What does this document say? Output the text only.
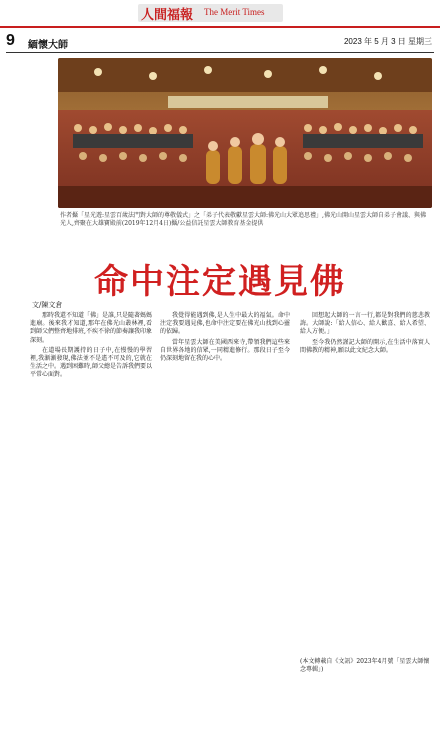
人間福報 The Merit Times
9 緬懷大師	2023 年 5 月 3 日 星期三
作者攝「星光遊:星雲百歲法門對大師的尊敬儀式」之「弟子代表敬獻星雲大師:佛光山大眾追思禮」,佛光山開山星雲大師自弟子會議、與佛光人,齊聚在大雄寶殿前(2019年12月4日)攝/公益信託星雲大師教育基金提供
命中注定遇見佛
文/陳文倉

那時我還不知道「佛」是誰,只是隨著媽媽進廟。後來我才知道,那年在佛光山叢林裡,看到師父們整齊地排班,不疾不徐的節奏讓我印象深刻。

在道場長期護持的日子中,在慢慢的學習裡,我漸漸發現,佛法並不是遙不可及的,它就在生活之中。遇到困難時,師父總是告訴我們要以平常心面對。

我覺得能遇到佛,是人生中最大的福氣。命中注定我要遇見佛,也命中注定要在佛光山找到心靈的依歸。

當年星雲大師在美國西來寺,帶領我們這些來自世界各地的信眾,一同精進修行。那段日子至今仍深刻地留在我的心中。

回想起大師的一言一行,都是對我們的慈悲教誨。大師說:「給人信心、給人歡喜、給人希望、給人方便。」

至今我仍然謹記大師的開示,在生活中落實人間佛教的精神,願以此文紀念大師。

(本文轉載自《文訊》2023年4月號「星雲大師懷念專輯」)
